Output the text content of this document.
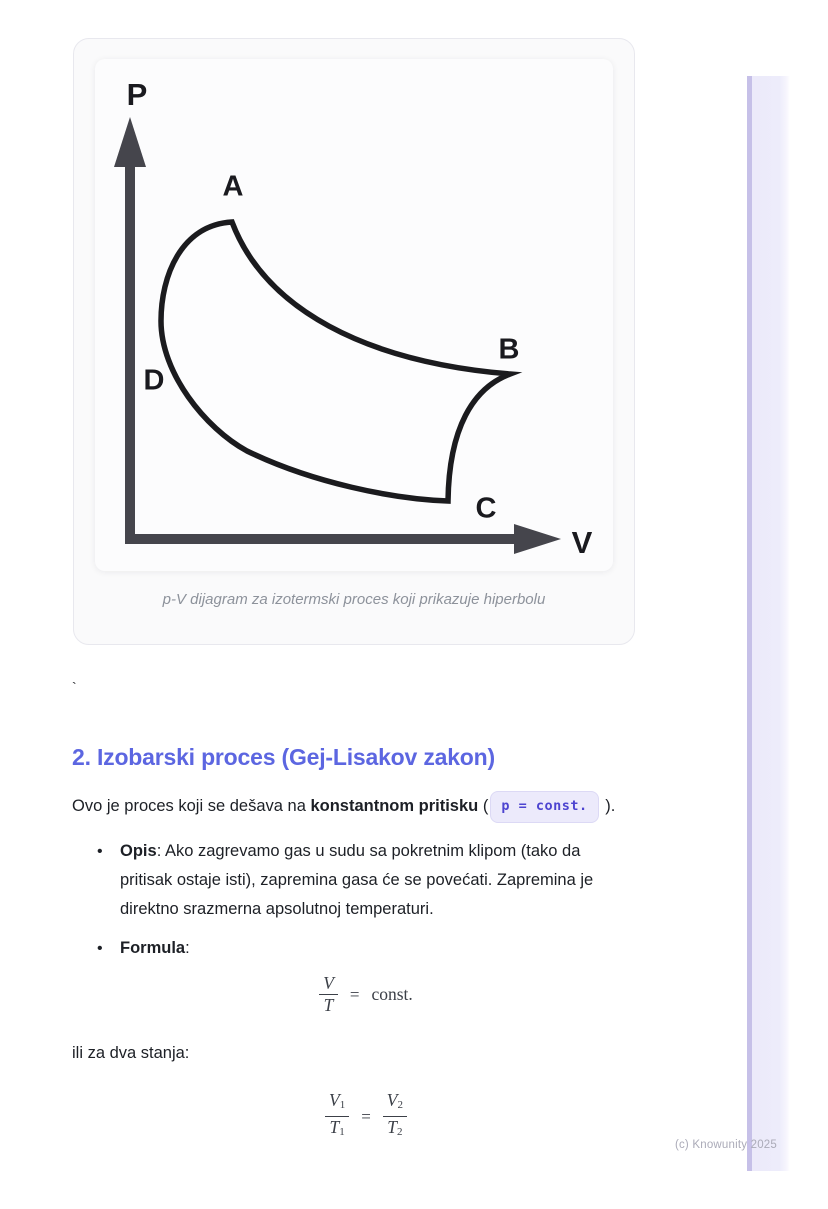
(c) Knowunity 2025
P
V
A
B
C
D
p-V dijagram za izotermski proces koji prikazuje hiperbolu
`
2. Izobarski proces (Gej-Lisakov zakon)

Ovo je proces koji se dešava na konstantnom pritisku ( p = const. ).

• Opis: Ako zagrevamo gas u sudu sa pokretnim klipom (tako da pritisak ostaje isti), zapremina gasa će se povećati. Zapremina je direktno srazmerna apsolutnoj temperaturi.
• Formula:
$\frac{V}{T}$ = const.

ili za dva stanja:

$\frac{V_1}{T_1} = \frac{V_2}{T_2}$
